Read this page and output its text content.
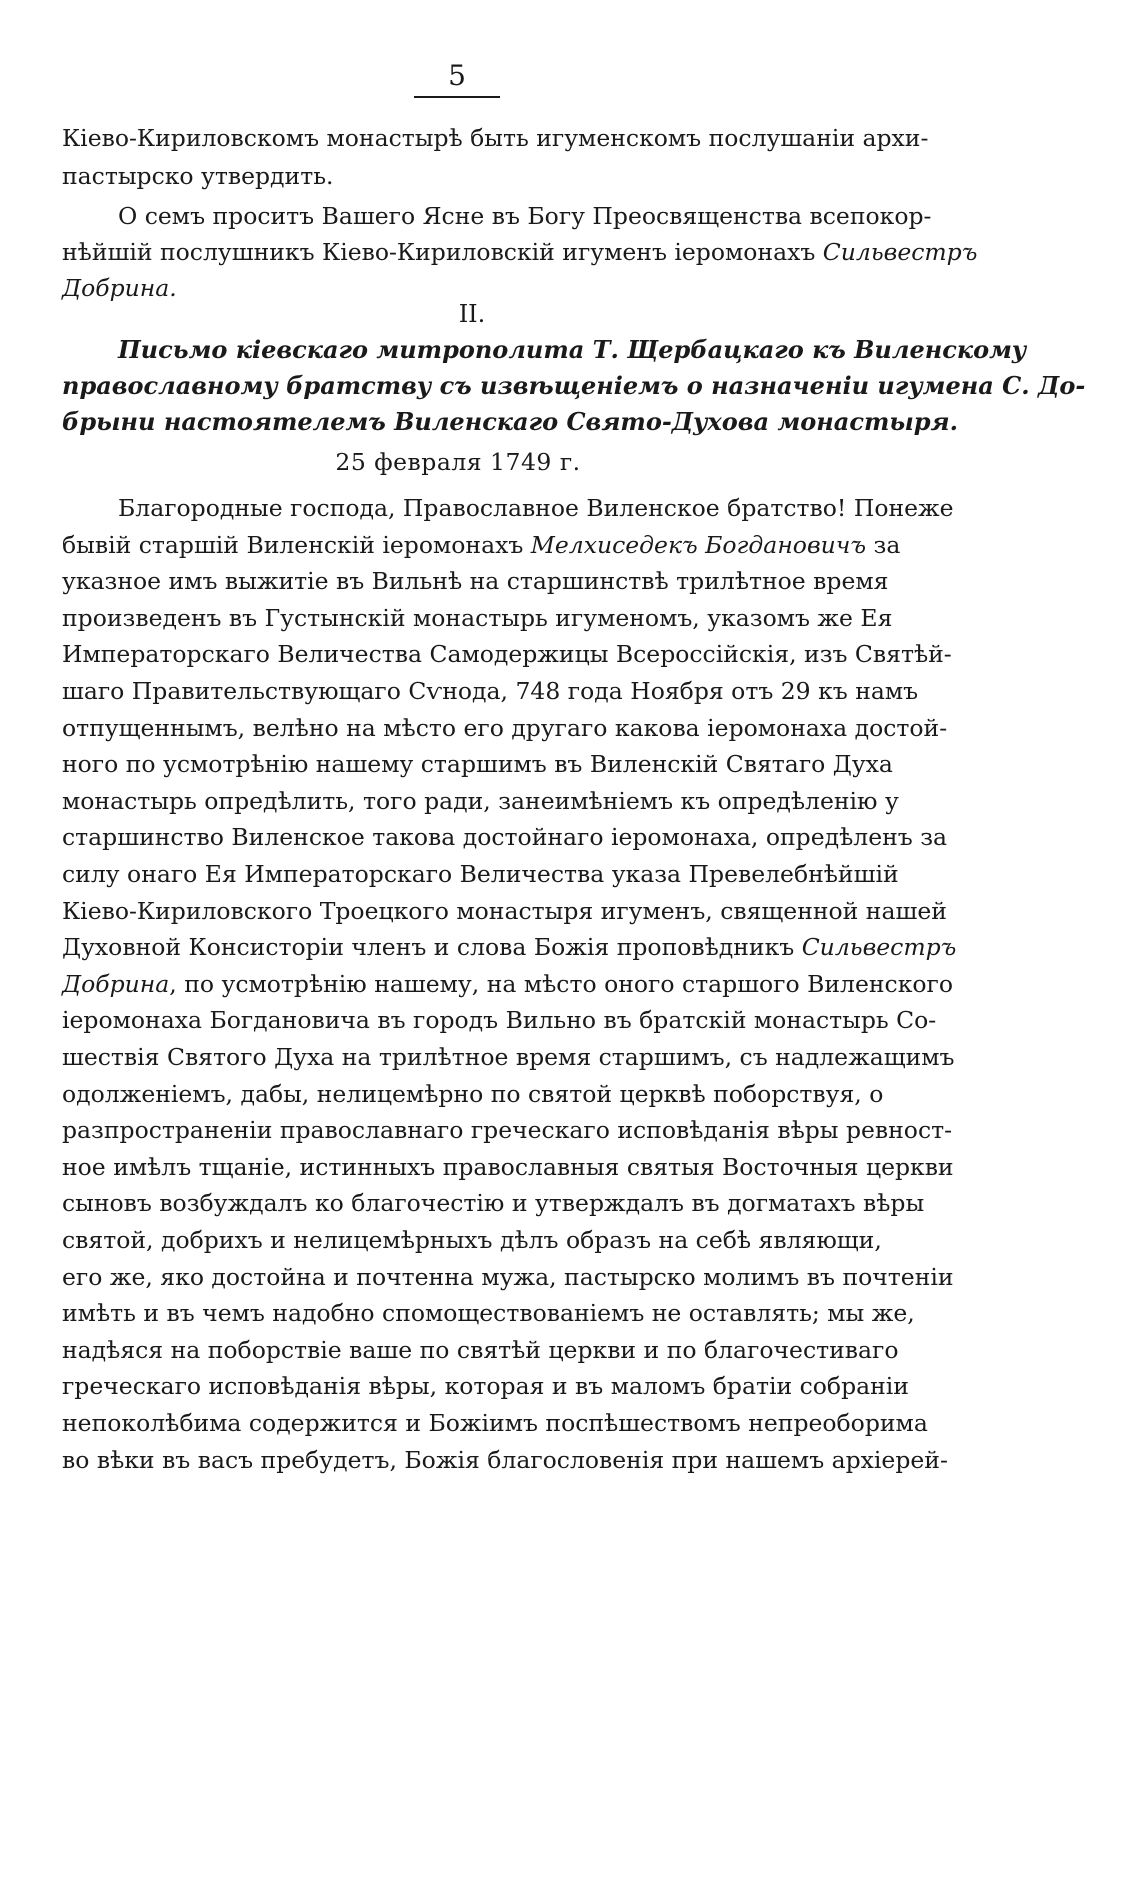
5
Кіево-Кириловскомъ монастырѣ быть игуменскомъ послушаніи архи-
пастырско утвердить.
О семъ проситъ Вашего Ясне въ Богу Преосвященства всепокор-
нѣйшій послушникъ Кіево-Кириловскій игуменъ іеромонахъ Сильвестръ
Добрина.
II.
Письмо кіевскаго митрополита Т. Щербацкаго къ Виленскому
православному братству съ извѣщеніемъ о назначеніи игумена С. До-
брыни настоятелемъ Виленскаго Свято-Духова монастыря.
25 февраля 1749 г.
Благородные господа, Православное Виленское братство! Понеже
бывій старшій Виленскій іеромонахъ Мелхиседекъ Богдановичъ за
указное имъ выжитіе въ Вильнѣ на старшинствѣ трилѣтное время
произведенъ въ Густынскій монастырь игуменомъ, указомъ же Ея
Императорскаго Величества Самодержицы Всероссійскія, изъ Святѣй-
шаго Правительствующаго Сѵнода, 748 года Ноября отъ 29 къ намъ
отпущеннымъ, велѣно на мѣсто его другаго какова іеромонаха достой-
ного по усмотрѣнію нашему старшимъ въ Виленскій Святаго Духа
монастырь опредѣлить, того ради, занеимѣніемъ къ опредѣленію у
старшинство Виленское такова достойнаго іеромонаха, опредѣленъ за
силу онаго Ея Императорскаго Величества указа Превелебнѣйшій
Кіево-Кириловского Троецкого монастыря игуменъ, священной нашей
Духовной Консисторіи членъ и слова Божія проповѣдникъ Сильвестръ
Добрина, по усмотрѣнію нашему, на мѣсто оного старшого Виленского
іеромонаха Богдановича въ городъ Вильно въ братскій монастырь Со-
шествія Святого Духа на трилѣтное время старшимъ, съ надлежащимъ
одолженіемъ, дабы, нелицемѣрно по святой церквѣ поборствуя, о
разпространеніи православнаго греческаго исповѣданія вѣры ревност-
ное имѣлъ тщаніе, истинныхъ православныя святыя Восточныя церкви
сыновъ возбуждалъ ко благочестію и утверждалъ въ догматахъ вѣры
святой, добрихъ и нелицемѣрныхъ дѣлъ образъ на себѣ являющи,
его же, яко достойна и почтенна мужа, пастырско молимъ въ почтеніи
имѣть и въ чемъ надобно спомоществованіемъ не оставлять; мы же,
надѣяся на поборствіе ваше по святѣй церкви и по благочестиваго
греческаго исповѣданія вѣры, которая и въ маломъ братіи собраніи
непоколѣбима содержится и Божіимъ поспѣшествомъ непреоборима
во вѣки въ васъ пребудетъ, Божія благословенія при нашемъ архіерей-
